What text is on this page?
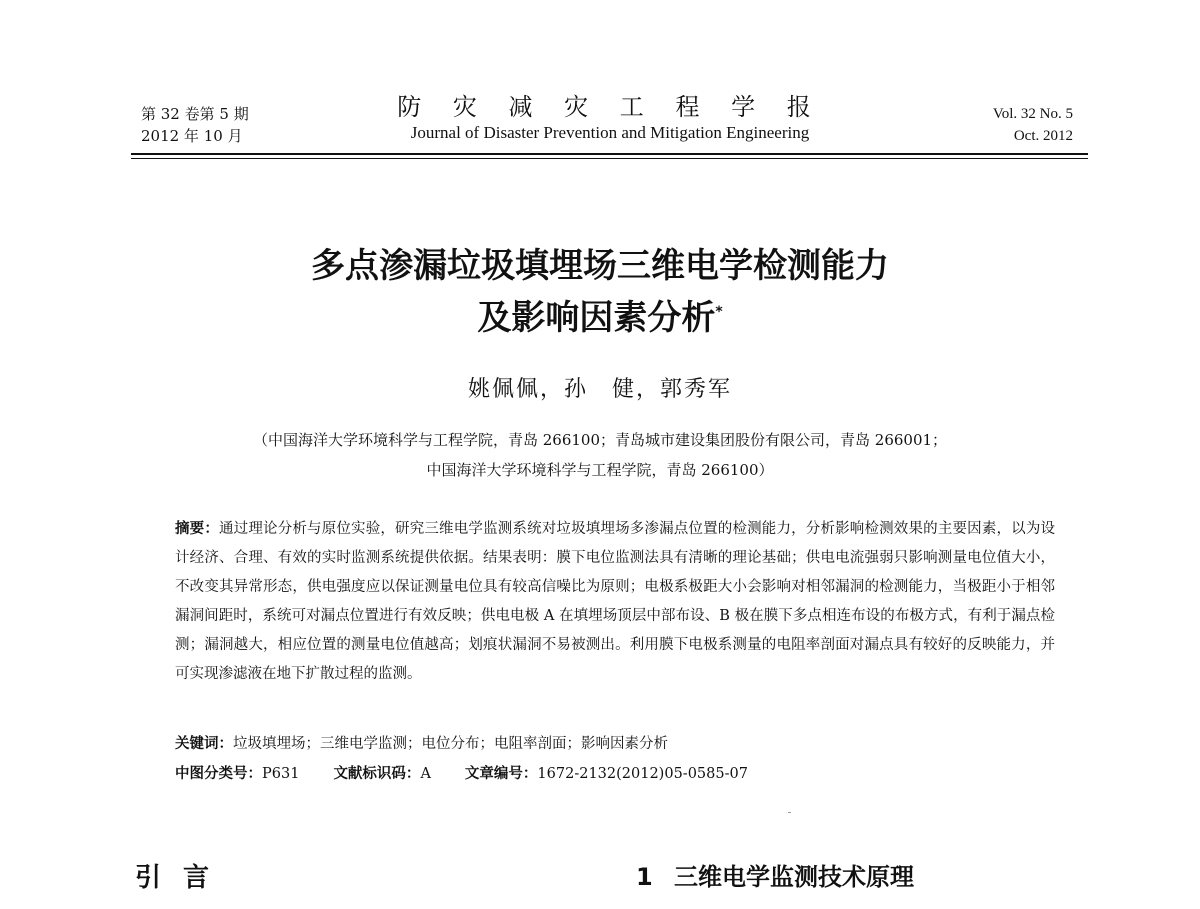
第 32 卷第 5 期
2012 年 10 月
防 灾 减 灾 工 程 学 报
Journal of Disaster Prevention and Mitigation Engineering
Vol. 32 No. 5
Oct. 2012
多点渗漏垃圾填埋场三维电学检测能力
及影响因素分析*
姚佩佩，孙　健，郭秀军
（中国海洋大学环境科学与工程学院，青岛 266100；青岛城市建设集团股份有限公司，青岛 266001；
中国海洋大学环境科学与工程学院，青岛 266100）
摘要：通过理论分析与原位实验，研究三维电学监测系统对垃圾填埋场多渗漏点位置的检测能力，分析影响检测效果的主要因素，以为设计经济、合理、有效的实时监测系统提供依据。结果表明：膜下电位监测法具有清晰的理论基础；供电电流强弱只影响测量电位值大小，不改变其异常形态，供电强度应以保证测量电位具有较高信噪比为原则；电极系极距大小会影响对相邻漏洞的检测能力，当极距小于相邻漏洞间距时，系统可对漏点位置进行有效反映；供电电极 A 在填埋场顶层中部布设、B 极在膜下多点相连布设的布极方式，有利于漏点检测；漏洞越大，相应位置的测量电位值越高；划痕状漏洞不易被测出。利用膜下电极系测量的电阻率剖面对漏点具有较好的反映能力，并可实现渗滤液在地下扩散过程的监测。
关键词：垃圾填埋场；三维电学监测；电位分布；电阻率剖面；影响因素分析
中图分类号：P631 文献标识码：A 文章编号：1672-2132(2012)05-0585-07
引言	1 三维电学监测技术原理
